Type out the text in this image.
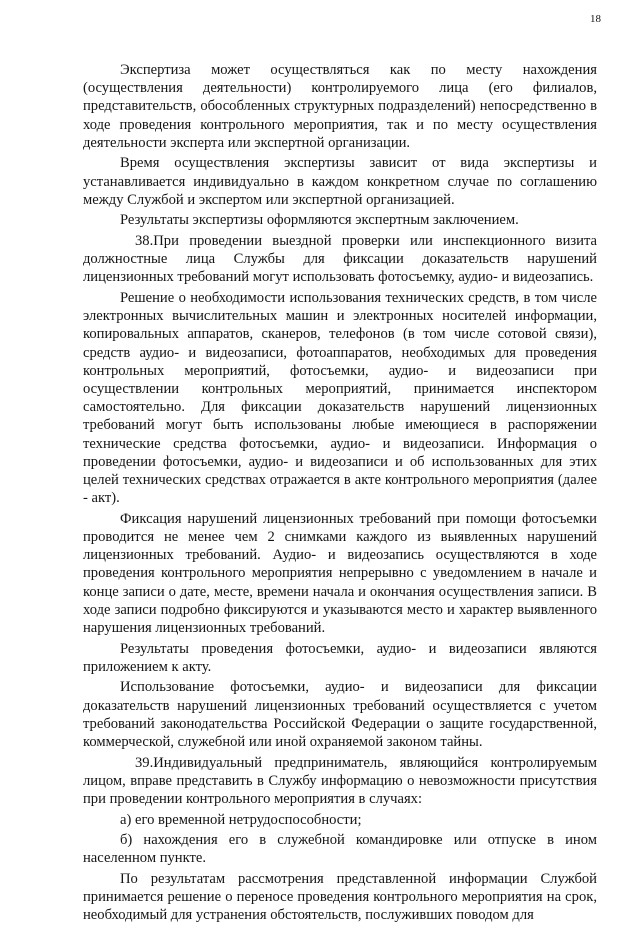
18

Экспертиза может осуществляться как по месту нахождения (осуществления деятельности) контролируемого лица (его филиалов, представительств, обособленных структурных подразделений) непосредственно в ходе проведения контрольного мероприятия, так и по месту осуществления деятельности эксперта или экспертной организации.

Время осуществления экспертизы зависит от вида экспертизы и устанавливается индивидуально в каждом конкретном случае по соглашению между Службой и экспертом или экспертной организацией.

Результаты экспертизы оформляются экспертным заключением.

38.При проведении выездной проверки или инспекционного визита должностные лица Службы для фиксации доказательств нарушений лицензионных требований могут использовать фотосъемку, аудио- и видеозапись.

Решение о необходимости использования технических средств, в том числе электронных вычислительных машин и электронных носителей информации, копировальных аппаратов, сканеров, телефонов (в том числе сотовой связи), средств аудио- и видеозаписи, фотоаппаратов, необходимых для проведения контрольных мероприятий, фотосъемки, аудио- и видеозаписи при осуществлении контрольных мероприятий, принимается инспектором самостоятельно. Для фиксации доказательств нарушений лицензионных требований могут быть использованы любые имеющиеся в распоряжении технические средства фотосъемки, аудио- и видеозаписи. Информация о проведении фотосъемки, аудио- и видеозаписи и об использованных для этих целей технических средствах отражается в акте контрольного мероприятия (далее - акт).

Фиксация нарушений лицензионных требований при помощи фотосъемки проводится не менее чем 2 снимками каждого из выявленных нарушений лицензионных требований. Аудио- и видеозапись осуществляются в ходе проведения контрольного мероприятия непрерывно с уведомлением в начале и конце записи о дате, месте, времени начала и окончания осуществления записи. В ходе записи подробно фиксируются и указываются место и характер выявленного нарушения лицензионных требований.

Результаты проведения фотосъемки, аудио- и видеозаписи являются приложением к акту.

Использование фотосъемки, аудио- и видеозаписи для фиксации доказательств нарушений лицензионных требований осуществляется с учетом требований законодательства Российской Федерации о защите государственной, коммерческой, служебной или иной охраняемой законом тайны.

39.Индивидуальный предприниматель, являющийся контролируемым лицом, вправе представить в Службу информацию о невозможности присутствия при проведении контрольного мероприятия в случаях:

а) его временной нетрудоспособности;

б) нахождения его в служебной командировке или отпуске в ином населенном пункте.

По результатам рассмотрения представленной информации Службой принимается решение о переносе проведения контрольного мероприятия на срок, необходимый для устранения обстоятельств, послуживших поводом для
